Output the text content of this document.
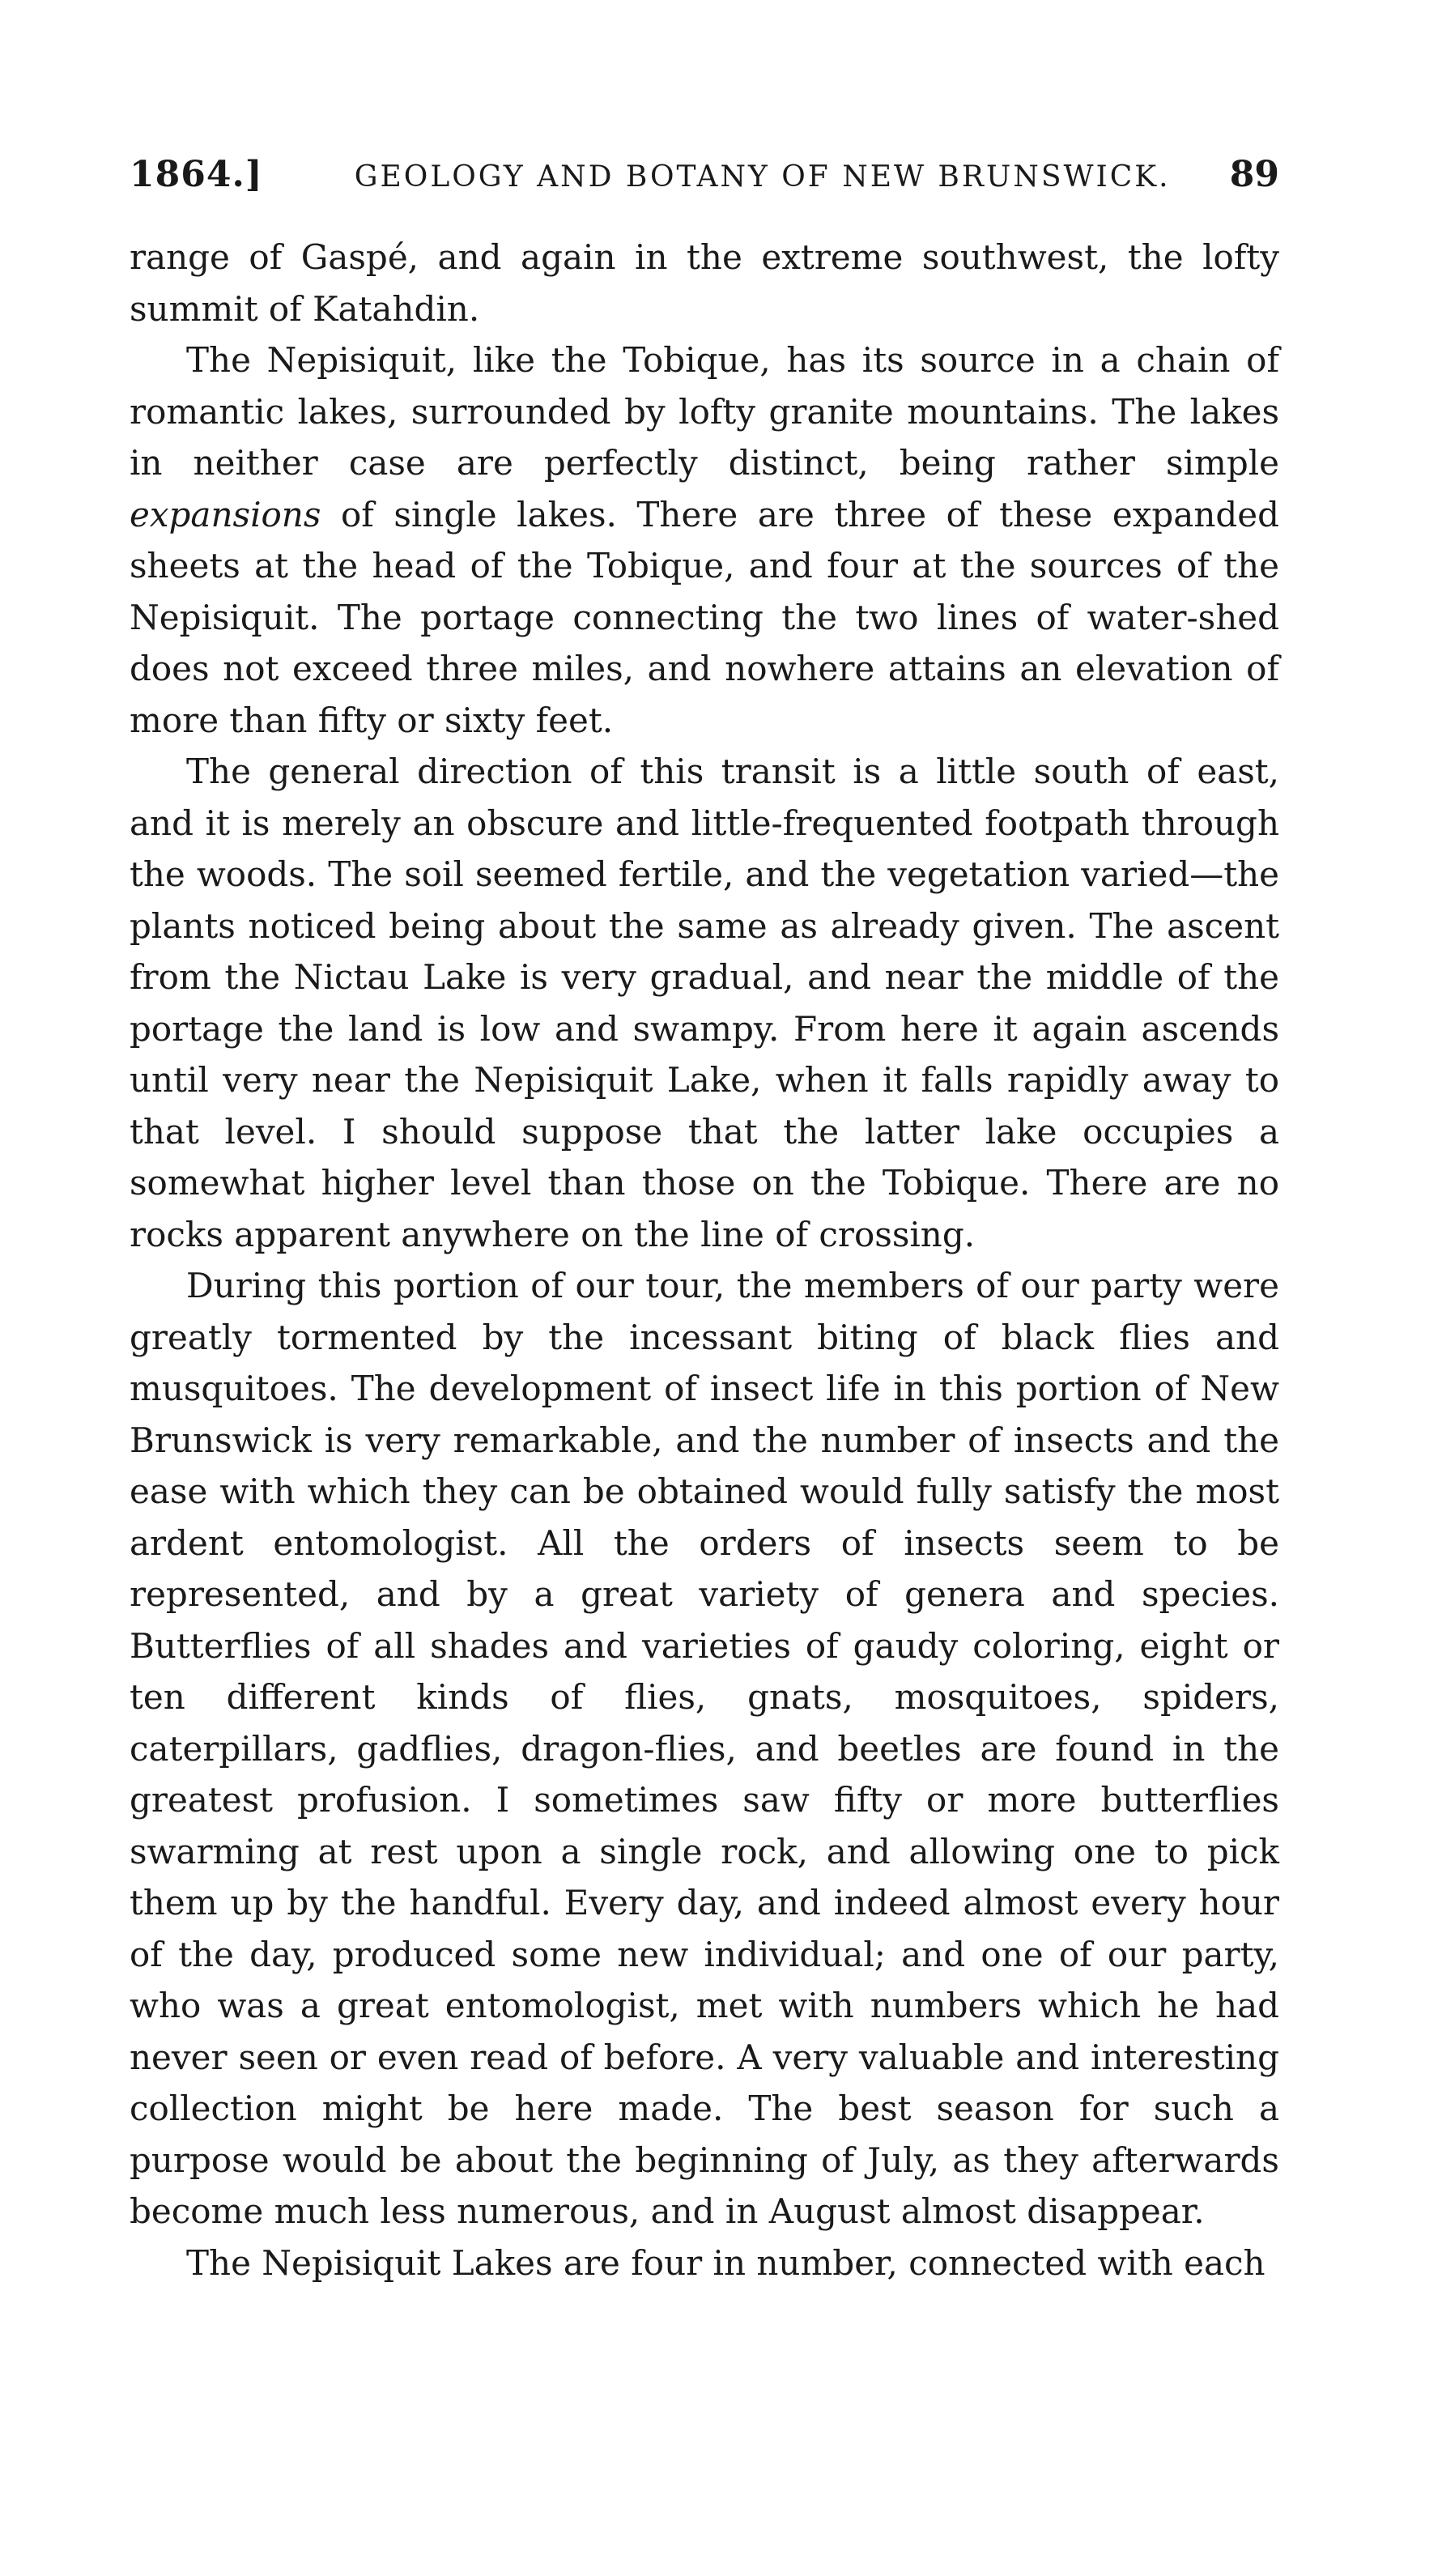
1864.]	GEOLOGY AND BOTANY OF NEW BRUNSWICK.	89

range of Gaspé, and again in the extreme southwest, the lofty summit of Katahdin.

The Nepisiquit, like the Tobique, has its source in a chain of romantic lakes, surrounded by lofty granite mountains. The lakes in neither case are perfectly distinct, being rather simple expansions of single lakes. There are three of these expanded sheets at the head of the Tobique, and four at the sources of the Nepisiquit. The portage connecting the two lines of water-shed does not exceed three miles, and nowhere attains an elevation of more than fifty or sixty feet.

The general direction of this transit is a little south of east, and it is merely an obscure and little-frequented footpath through the woods. The soil seemed fertile, and the vegetation varied—the plants noticed being about the same as already given. The ascent from the Nictau Lake is very gradual, and near the middle of the portage the land is low and swampy. From here it again ascends until very near the Nepisiquit Lake, when it falls rapidly away to that level. I should suppose that the latter lake occupies a somewhat higher level than those on the Tobique. There are no rocks apparent anywhere on the line of crossing.

During this portion of our tour, the members of our party were greatly tormented by the incessant biting of black flies and musquitoes. The development of insect life in this portion of New Brunswick is very remarkable, and the number of insects and the ease with which they can be obtained would fully satisfy the most ardent entomologist. All the orders of insects seem to be represented, and by a great variety of genera and species. Butterflies of all shades and varieties of gaudy coloring, eight or ten different kinds of flies, gnats, mosquitoes, spiders, caterpillars, gadflies, dragon-flies, and beetles are found in the greatest profusion. I sometimes saw fifty or more butterflies swarming at rest upon a single rock, and allowing one to pick them up by the handful. Every day, and indeed almost every hour of the day, produced some new individual; and one of our party, who was a great entomologist, met with numbers which he had never seen or even read of before. A very valuable and interesting collection might be here made. The best season for such a purpose would be about the beginning of July, as they afterwards become much less numerous, and in August almost disappear.

The Nepisiquit Lakes are four in number, connected with each
